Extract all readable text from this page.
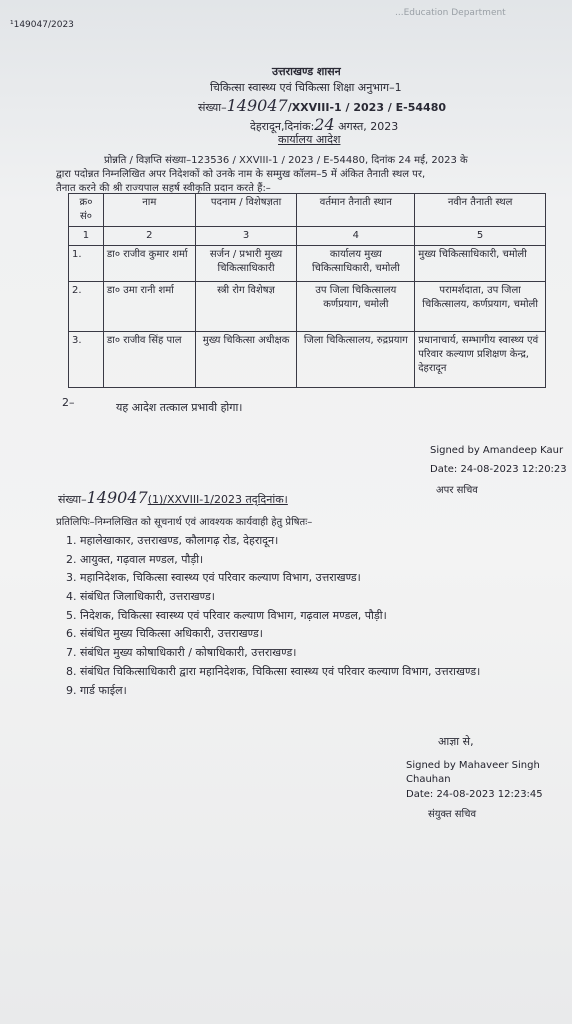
¹149047/2023
...Education Department
उत्तराखण्ड शासन
चिकित्सा स्वास्थ्य एवं चिकित्सा शिक्षा अनुभाग–1
संख्या–149047/XXVIII-1 / 2023 / E-54480
देहरादून,दिनांक:24 अगस्त, 2023
कार्यालय आदेश
प्रोन्नति / विज्ञप्ति संख्या–123536 / XXVIII-1 / 2023 / E-54480, दिनांक 24 मई, 2023 के
द्वारा पदोन्नत निम्नलिखित अपर निदेशकों को उनके नाम के सम्मुख कॉलम–5 में अंकित तैनाती स्थल पर,
तैनात करने की श्री राज्यपाल सहर्ष स्वीकृति प्रदान करते हैं:–
क्र० सं०	नाम	पदनाम / विशेषज्ञता	वर्तमान तैनाती स्थान	नवीन तैनाती स्थल
1	2	3	4	5
1.	डा० राजीव कुमार शर्मा	सर्जन / प्रभारी मुख्य चिकित्साधिकारी	कार्यालय मुख्य चिकित्साधिकारी, चमोली	मुख्य चिकित्साधिकारी, चमोली
2.	डा० उमा रानी शर्मा	स्त्री रोग विशेषज्ञ	उप जिला चिकित्सालय कर्णप्रयाग, चमोली	परामर्शदाता, उप जिला चिकित्सालय, कर्णप्रयाग, चमोली
3.	डा० राजीव सिंह पाल	मुख्य चिकित्सा अधीक्षक	जिला चिकित्सालय, रुद्रप्रयाग	प्रधानाचार्य, सम्भागीय स्वास्थ्य एवं परिवार कल्याण प्रशिक्षण केन्द्र, देहरादून
2–	यह आदेश तत्काल प्रभावी होगा।
Signed by Amandeep Kaur
Date: 24-08-2023 12:20:23
अपर सचिव
संख्या–149047(1)/XXVIII-1/2023 तद्‌दिनांक।
प्रतिलिपिः–निम्नलिखित को सूचनार्थ एवं आवश्यक कार्यवाही हेतु प्रेषितः–
1. महालेखाकार, उत्तराखण्ड, कौलागढ़ रोड, देहरादून।
2. आयुक्त, गढ़वाल मण्डल, पौड़ी।
3. महानिदेशक, चिकित्सा स्वास्थ्य एवं परिवार कल्याण विभाग, उत्तराखण्ड।
4. संबंधित जिलाधिकारी, उत्तराखण्ड।
5. निदेशक, चिकित्सा स्वास्थ्य एवं परिवार कल्याण विभाग, गढ़वाल मण्डल, पौड़ी।
6. संबंधित मुख्य चिकित्सा अधिकारी, उत्तराखण्ड।
7. संबंधित मुख्य कोषाधिकारी / कोषाधिकारी, उत्तराखण्ड।
8. संबंधित चिकित्साधिकारी द्वारा महानिदेशक, चिकित्सा स्वास्थ्य एवं परिवार कल्याण विभाग, उत्तराखण्ड।
9. गार्ड फाईल।
आज्ञा से,
Signed by Mahaveer Singh
Chauhan
Date: 24-08-2023 12:23:45
संयुक्त सचिव
